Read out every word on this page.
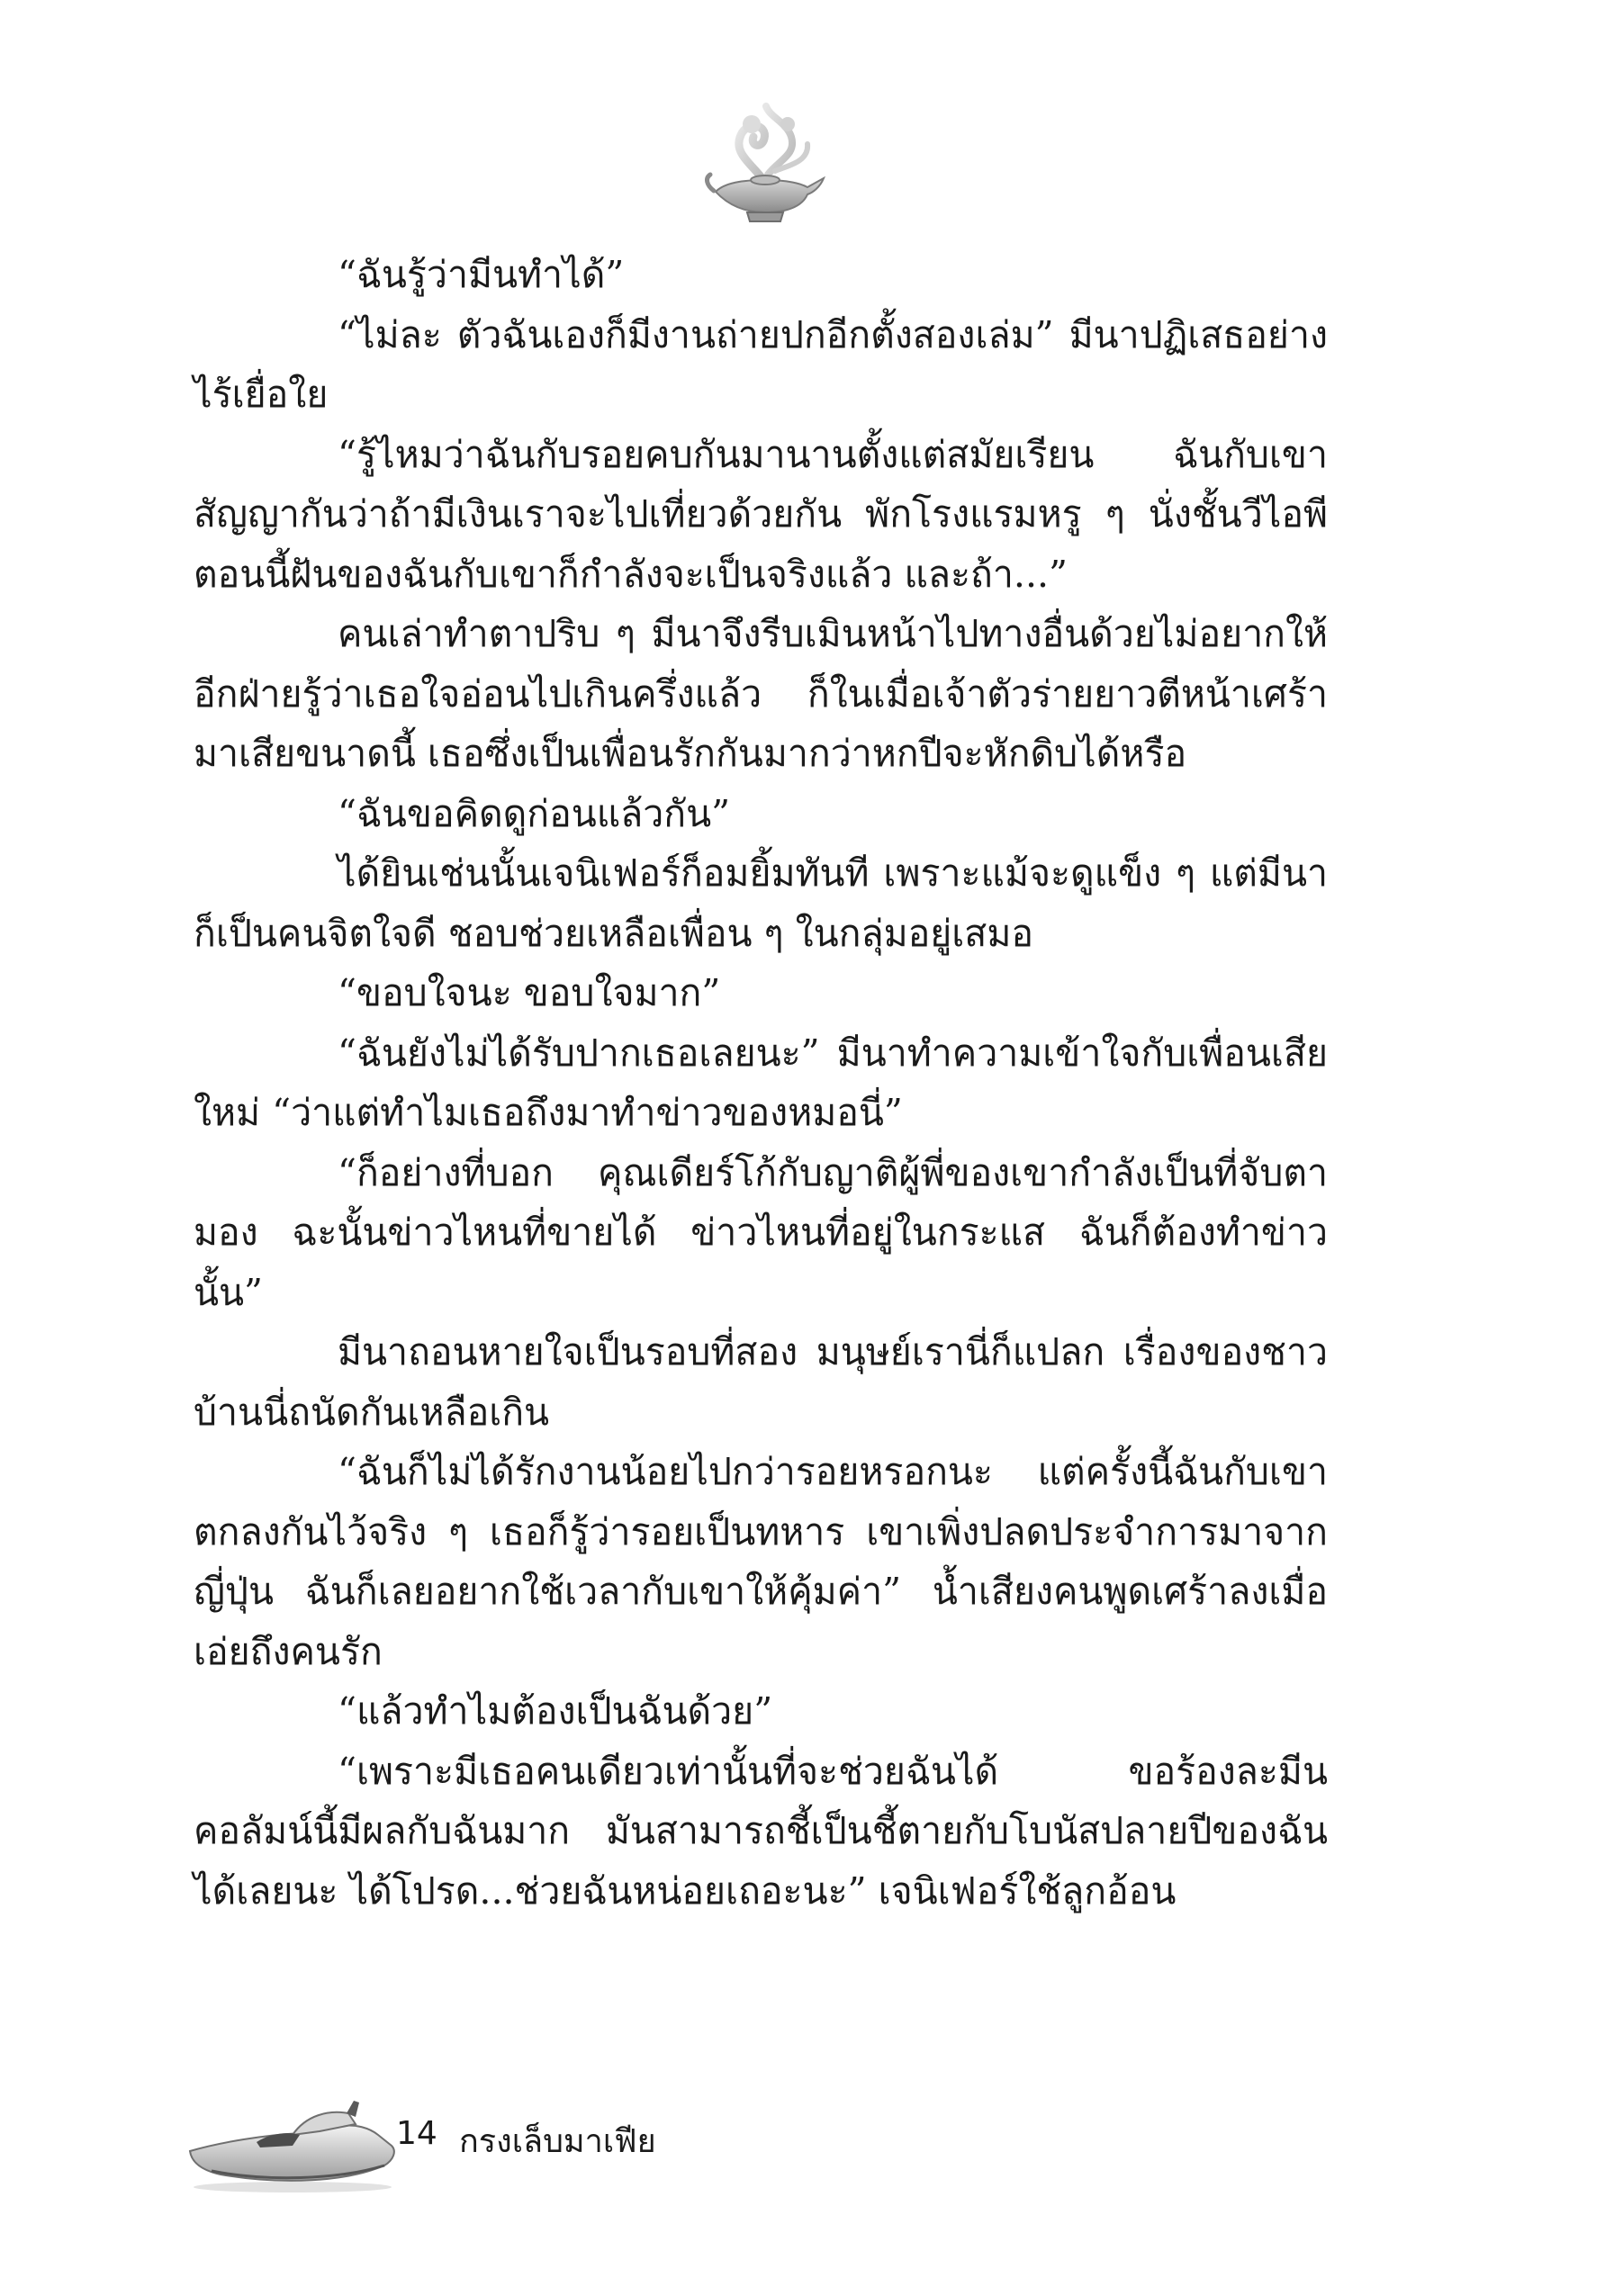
“ฉันรู้ว่ามีนทำได้”

“ไม่ละ ตัวฉันเองก็มีงานถ่ายปกอีกตั้งสองเล่ม” มีนาปฏิเสธอย่างไร้เยื่อใย

“รู้ไหมว่าฉันกับรอยคบกันมานานตั้งแต่สมัยเรียน ฉันกับเขาสัญญากันว่าถ้ามีเงินเราจะไปเที่ยวด้วยกัน พักโรงแรมหรู ๆ นั่งชั้นวีไอพี ตอนนี้ฝันของฉันกับเขาก็กำลังจะเป็นจริงแล้ว และถ้า...”

คนเล่าทำตาปริบ ๆ มีนาจึงรีบเมินหน้าไปทางอื่นด้วยไม่อยากให้อีกฝ่ายรู้ว่าเธอใจอ่อนไปเกินครึ่งแล้ว ก็ในเมื่อเจ้าตัวร่ายยาวตีหน้าเศร้ามาเสียขนาดนี้ เธอซึ่งเป็นเพื่อนรักกันมากว่าหกปีจะหักดิบได้หรือ

“ฉันขอคิดดูก่อนแล้วกัน”

ได้ยินเช่นนั้นเจนิเฟอร์ก็อมยิ้มทันที เพราะแม้จะดูแข็ง ๆ แต่มีนาก็เป็นคนจิตใจดี ชอบช่วยเหลือเพื่อน ๆ ในกลุ่มอยู่เสมอ

“ขอบใจนะ ขอบใจมาก”

“ฉันยังไม่ได้รับปากเธอเลยนะ” มีนาทำความเข้าใจกับเพื่อนเสียใหม่ “ว่าแต่ทำไมเธอถึงมาทำข่าวของหมอนี่”

“ก็อย่างที่บอก คุณเดียร์โก้กับญาติผู้พี่ของเขากำลังเป็นที่จับตามอง ฉะนั้นข่าวไหนที่ขายได้ ข่าวไหนที่อยู่ในกระแส ฉันก็ต้องทำข่าวนั้น”

มีนาถอนหายใจเป็นรอบที่สอง มนุษย์เรานี่ก็แปลก เรื่องของชาวบ้านนี่ถนัดกันเหลือเกิน

“ฉันก็ไม่ได้รักงานน้อยไปกว่ารอยหรอกนะ แต่ครั้งนี้ฉันกับเขาตกลงกันไว้จริง ๆ เธอก็รู้ว่ารอยเป็นทหาร เขาเพิ่งปลดประจำการมาจากญี่ปุ่น ฉันก็เลยอยากใช้เวลากับเขาให้คุ้มค่า” น้ำเสียงคนพูดเศร้าลงเมื่อเอ่ยถึงคนรัก

“แล้วทำไมต้องเป็นฉันด้วย”

“เพราะมีเธอคนเดียวเท่านั้นที่จะช่วยฉันได้ ขอร้องละมีนคอลัมน์นี้มีผลกับฉันมาก มันสามารถชี้เป็นชี้ตายกับโบนัสปลายปีของฉันได้เลยนะ ได้โปรด...ช่วยฉันหน่อยเถอะนะ” เจนิเฟอร์ใช้ลูกอ้อน

14 กรงเล็บมาเฟีย
